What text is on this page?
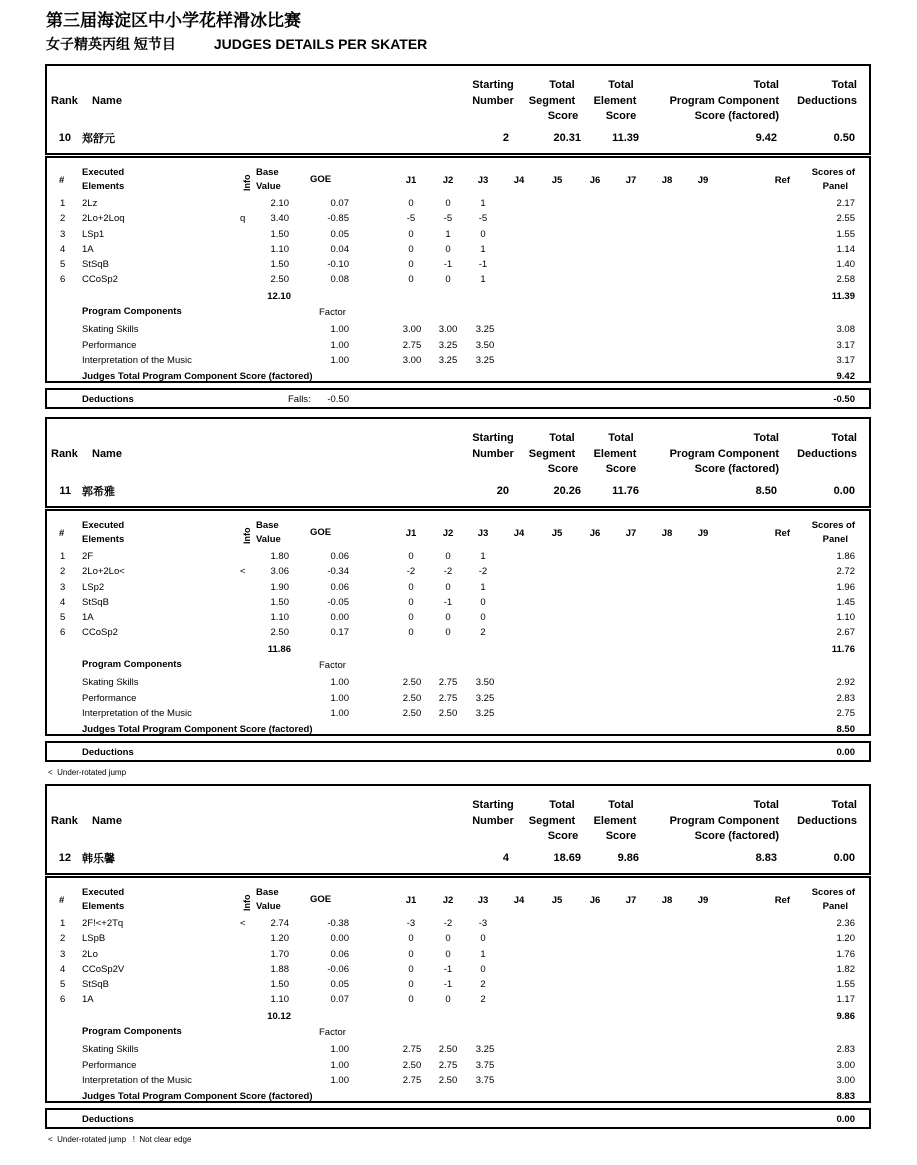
第三届海淀区中小学花样滑冰比赛
女子精英丙组 短节目	JUDGES DETAILS PER SKATER
Rank Name
Starting
Number
Total
Segment
Score
Total
Element
Score
Total
Program Component
Score (factored)
Total
Deductions
10 郑舒元	2	20.31	11.39	9.42	0.50
#
Executed
Elements	Info
Base
Value
GOE	J1	J2	J3	J4	J5	J6	J7	J8	J9	Ref
Scores of
Panel
1 2Lz	2.10	0.07	0	0	1	2.17
2 2Lo+2Loq	q	3.40	-0.85	-5	-5	-5	2.55
3 LSp1	1.50	0.05	0	1	0	1.55
4 1A	1.10	0.04	0	0	1	1.14
5 StSqB	1.50	-0.10	0	-1	-1	1.40
6 CCoSp2	2.50	0.08	0	0	1	2.58
12.10	11.39
Program Components	Factor
Skating Skills	1.00	3.00	3.00	3.25	3.08
Performance	1.00	2.75	3.25	3.50	3.17
Interpretation of the Music	1.00	3.00	3.25	3.25	3.17
Judges Total Program Component Score (factored)	9.42
Deductions	Falls:	-0.50	-0.50
Rank Name
Starting
Number
Total
Segment
Score
Total
Element
Score
Total
Program Component
Score (factored)
Total
Deductions
11 郭希雅	20	20.26	11.76	8.50	0.00
#
Executed
Elements	Info
Base
Value
GOE	J1	J2	J3	J4	J5	J6	J7	J8	J9	Ref
Scores of
Panel
1 2F	1.80	0.06	0	0	1	1.86
2 2Lo+2Lo<	<	3.06	-0.34	-2	-2	-2	2.72
3 LSp2	1.90	0.06	0	0	1	1.96
4 StSqB	1.50	-0.05	0	-1	0	1.45
5 1A	1.10	0.00	0	0	0	1.10
6 CCoSp2	2.50	0.17	0	0	2	2.67
11.86	11.76
Program Components	Factor
Skating Skills	1.00	2.50	2.75	3.50	2.92
Performance	1.00	2.50	2.75	3.25	2.83
Interpretation of the Music	1.00	2.50	2.50	3.25	2.75
Judges Total Program Component Score (factored)	8.50
Deductions	0.00
<  Under-rotated jump
Rank Name
Starting
Number
Total
Segment
Score
Total
Element
Score
Total
Program Component
Score (factored)
Total
Deductions
12 韩乐馨	4	18.69	9.86	8.83	0.00
#
Executed
Elements	Info
Base
Value
GOE	J1	J2	J3	J4	J5	J6	J7	J8	J9	Ref
Scores of
Panel
1 2F!<+2Tq	<	2.74	-0.38	-3	-2	-3	2.36
2 LSpB	1.20	0.00	0	0	0	1.20
3 2Lo	1.70	0.06	0	0	1	1.76
4 CCoSp2V	1.88	-0.06	0	-1	0	1.82
5 StSqB	1.50	0.05	0	-1	2	1.55
6 1A	1.10	0.07	0	0	2	1.17
10.12	9.86
Program Components	Factor
Skating Skills	1.00	2.75	2.50	3.25	2.83
Performance	1.00	2.50	2.75	3.75	3.00
Interpretation of the Music	1.00	2.75	2.50	3.75	3.00
Judges Total Program Component Score (factored)	8.83
Deductions	0.00
<  Under-rotated jump   !  Not clear edge
